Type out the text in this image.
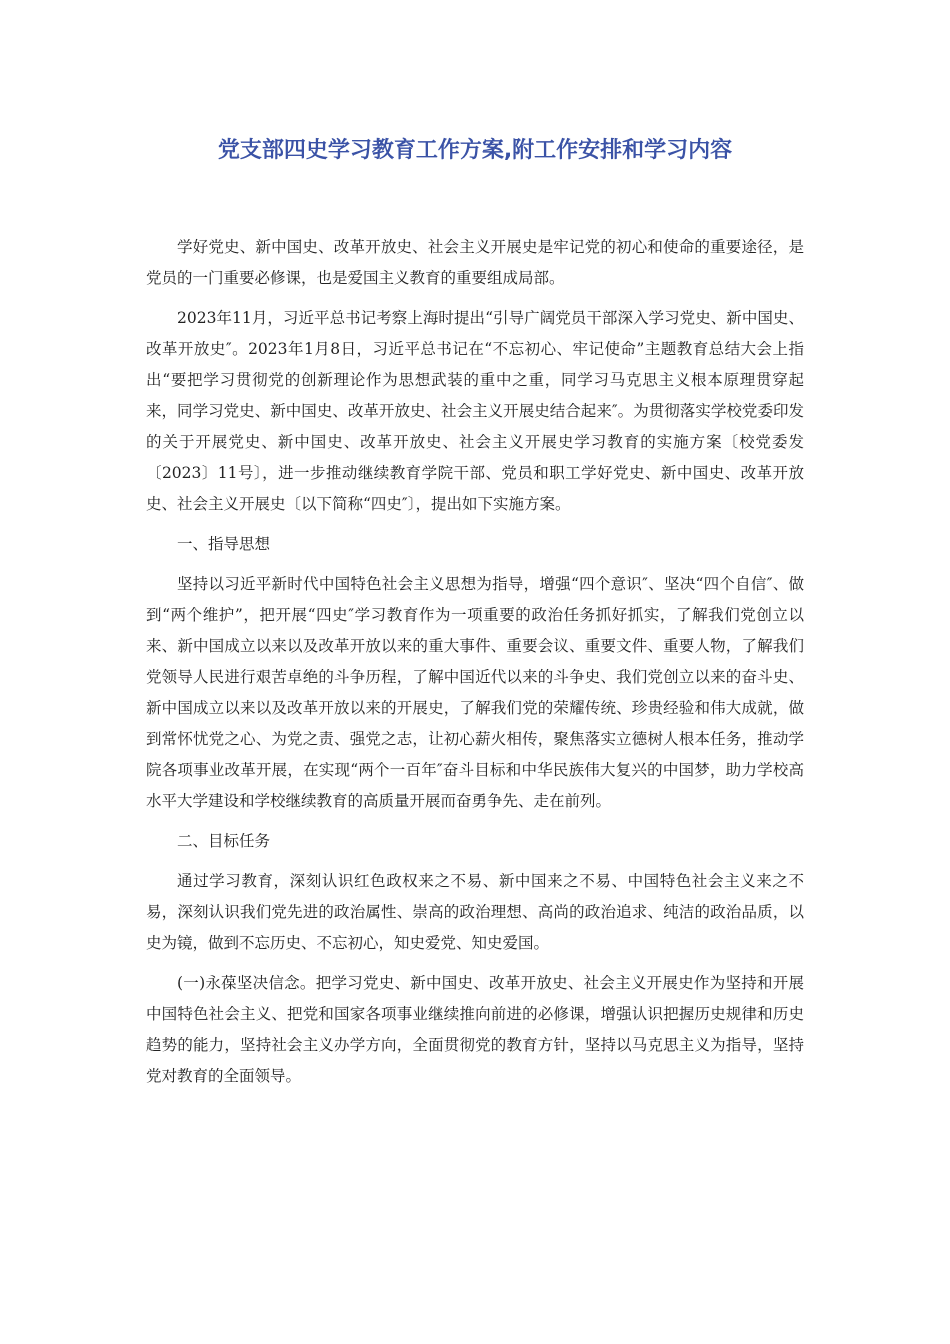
党支部四史学习教育工作方案,附工作安排和学习内容

学好党史、新中国史、改革开放史、社会主义开展史是牢记党的初心和使命的重要途径，是党员的一门重要必修课，也是爱国主义教育的重要组成局部。

2023年11月，习近平总书记考察上海时提出“引导广阔党员干部深入学习党史、新中国史、改革开放史″。2023年1月8日，习近平总书记在“不忘初心、牢记使命”主题教育总结大会上指出“要把学习贯彻党的创新理论作为思想武装的重中之重，同学习马克思主义根本原理贯穿起来，同学习党史、新中国史、改革开放史、社会主义开展史结合起来″。为贯彻落实学校党委印发的关于开展党史、新中国史、改革开放史、社会主义开展史学习教育的实施方案〔校党委发〔2023〕11号〕，进一步推动继续教育学院干部、党员和职工学好党史、新中国史、改革开放史、社会主义开展史〔以下简称“四史″〕，提出如下实施方案。

一、指导思想

坚持以习近平新时代中国特色社会主义思想为指导，增强“四个意识″、坚决“四个自信″、做到“两个维护”，把开展“四史″学习教育作为一项重要的政治任务抓好抓实，了解我们党创立以来、新中国成立以来以及改革开放以来的重大事件、重要会议、重要文件、重要人物，了解我们党领导人民进行艰苦卓绝的斗争历程，了解中国近代以来的斗争史、我们党创立以来的奋斗史、新中国成立以来以及改革开放以来的开展史，了解我们党的荣耀传统、珍贵经验和伟大成就，做到常怀忧党之心、为党之责、强党之志，让初心薪火相传，聚焦落实立德树人根本任务，推动学院各项事业改革开展，在实现“两个一百年″奋斗目标和中华民族伟大复兴的中国梦，助力学校高水平大学建设和学校继续教育的高质量开展而奋勇争先、走在前列。

二、目标任务

通过学习教育，深刻认识红色政权来之不易、新中国来之不易、中国特色社会主义来之不易，深刻认识我们党先进的政治属性、崇高的政治理想、高尚的政治追求、纯洁的政治品质，以史为镜，做到不忘历史、不忘初心，知史爱党、知史爱国。

(一)永葆坚决信念。把学习党史、新中国史、改革开放史、社会主义开展史作为坚持和开展中国特色社会主义、把党和国家各项事业继续推向前进的必修课，增强认识把握历史规律和历史趋势的能力，坚持社会主义办学方向，全面贯彻党的教育方针，坚持以马克思主义为指导，坚持党对教育的全面领导。
